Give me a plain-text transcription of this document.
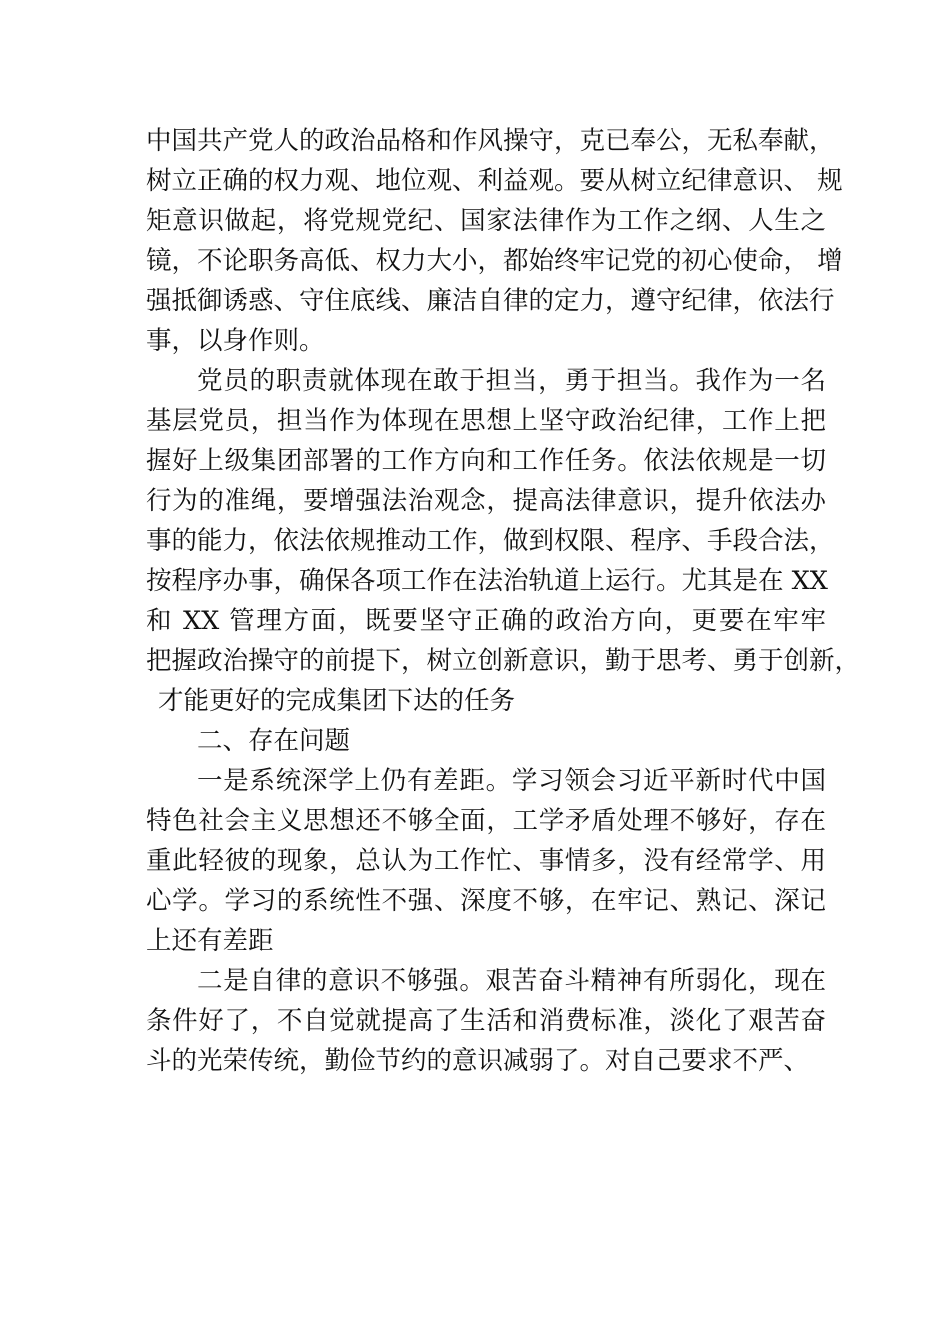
中国共产党人的政治品格和作风操守，克已奉公，无私奉献，
树立正确的权力观、地位观、利益观。要从树立纪律意识、 规
矩意识做起，将党规党纪、国家法律作为工作之纲、人生之
镜，不论职务高低、权力大小，都始终牢记党的初心使命， 增
强抵御诱惑、守住底线、廉洁自律的定力，遵守纪律，依法行
事，以身作则。
党员的职责就体现在敢于担当，勇于担当。我作为一名
基层党员，担当作为体现在思想上坚守政治纪律，工作上把
握好上级集团部署的工作方向和工作任务。依法依规是一切
行为的准绳，要增强法治观念，提高法律意识，提升依法办
事的能力，依法依规推动工作，做到权限、程序、手段合法，
按程序办事，确保各项工作在法治轨道上运行。尤其是在 XX
和 XX 管理方面，既要坚守正确的政治方向，更要在牢牢
把握政治操守的前提下，树立创新意识，勤于思考、勇于创新，
才能更好的完成集团下达的任务
二、存在问题
一是系统深学上仍有差距。学习领会习近平新时代中国
特色社会主义思想还不够全面，工学矛盾处理不够好，存在
重此轻彼的现象，总认为工作忙、事情多，没有经常学、用
心学。学习的系统性不强、深度不够，在牢记、熟记、深记
上还有差距
二是自律的意识不够强。艰苦奋斗精神有所弱化，现在
条件好了，不自觉就提高了生活和消费标准，淡化了艰苦奋
斗的光荣传统，勤俭节约的意识减弱了。对自己要求不严、
